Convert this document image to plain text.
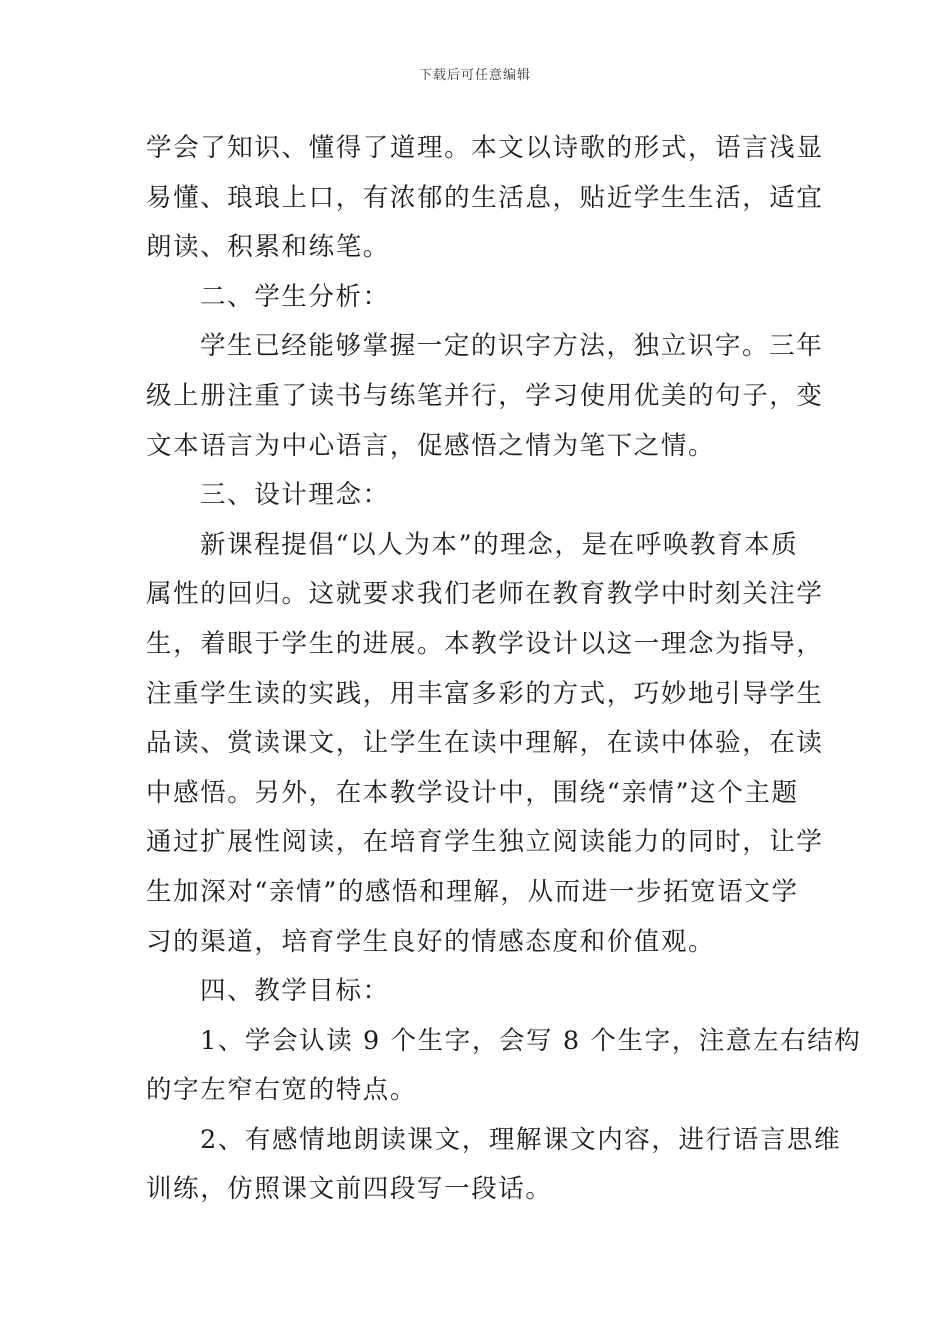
下载后可任意编辑

学会了知识、懂得了道理。本文以诗歌的形式，语言浅显

易懂、琅琅上口，有浓郁的生活息，贴近学生生活，适宜

朗读、积累和练笔。

二、学生分析：

学生已经能够掌握一定的识字方法，独立识字。三年

级上册注重了读书与练笔并行，学习使用优美的句子，变

文本语言为中心语言，促感悟之情为笔下之情。

三、设计理念：

新课程提倡“以人为本”的理念，是在呼唤教育本质

属性的回归。这就要求我们老师在教育教学中时刻关注学

生，着眼于学生的进展。本教学设计以这一理念为指导，

注重学生读的实践，用丰富多彩的方式，巧妙地引导学生

品读、赏读课文，让学生在读中理解，在读中体验，在读

中感悟。另外，在本教学设计中，围绕“亲情”这个主题

通过扩展性阅读，在培育学生独立阅读能力的同时，让学

生加深对“亲情”的感悟和理解，从而进一步拓宽语文学

习的渠道，培育学生良好的情感态度和价值观。

四、教学目标：

1、学会认读 9 个生字，会写 8 个生字，注意左右结构

的字左窄右宽的特点。

2、有感情地朗读课文，理解课文内容，进行语言思维

训练，仿照课文前四段写一段话。
